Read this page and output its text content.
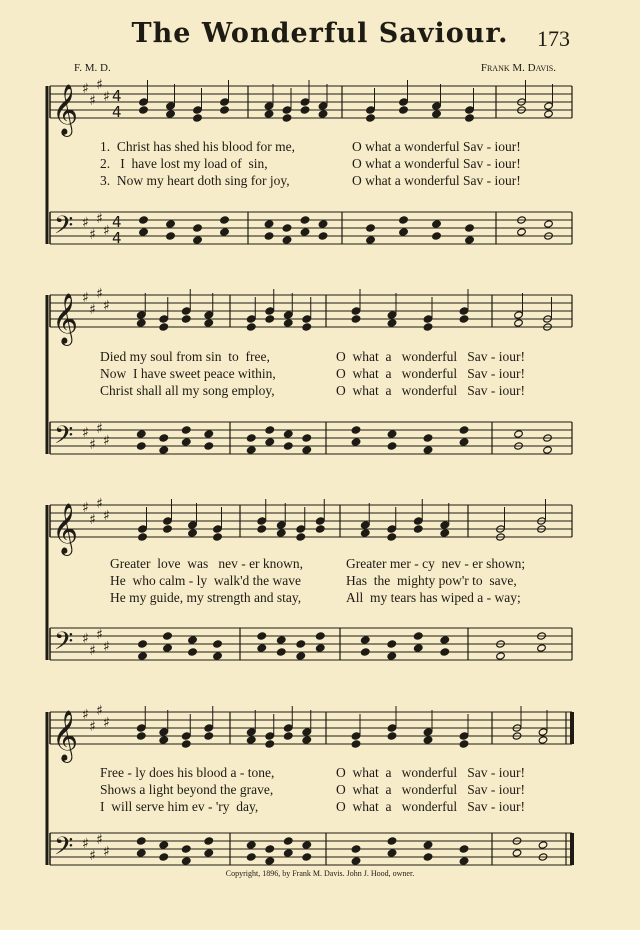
The Wonderful Saviour.	173
F. M. D.	Frank M. Davis.
𝄞
𝄢
♯
♯
♯
♯
♯
♯
♯
♯
4
4
4
4
𝄞
𝄢
♯
♯
♯
♯
♯
♯
♯
♯
𝄞
𝄢
♯
♯
♯
♯
♯
♯
♯
♯
𝄞
𝄢
♯
♯
♯
♯
♯
♯
♯
♯
1.  Christ has shed his blood for me,
2.   I  have lost my load of  sin,
3.  Now my heart doth sing for joy,
O what a wonderful Sav - iour!
O what a wonderful Sav - iour!
O what a wonderful Sav - iour!
Died my soul from sin  to  free,
Now  I have sweet peace within,
Christ shall all my song employ,
O  what  a   wonderful   Sav - iour!
O  what  a   wonderful   Sav - iour!
O  what  a   wonderful   Sav - iour!
Greater  love  was   nev - er known,
He  who calm - ly  walk'd the wave
He my guide, my strength and stay,
Greater mer - cy  nev - er shown;
Has  the  mighty pow'r to  save,
All  my tears has wiped a - way;
Free - ly does his blood a - tone,
Shows a light beyond the grave,
I  will serve him ev - 'ry  day,
O  what  a   wonderful   Sav - iour!
O  what  a   wonderful   Sav - iour!
O  what  a   wonderful   Sav - iour!
Copyright, 1896, by Frank M. Davis. John J. Hood, owner.
